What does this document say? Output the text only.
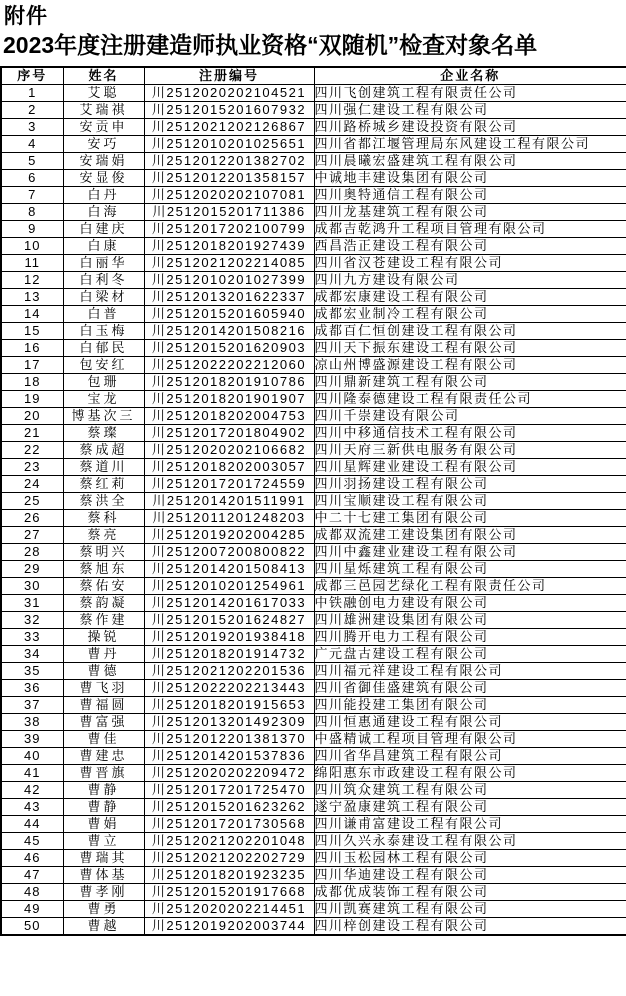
附件
2023年度注册建造师执业资格“双随机”检查对象名单
序号	姓名	注册编号	企业名称
1	艾聪	川2512020202104521	四川飞创建筑工程有限责任公司
2	艾瑞祺	川2512015201607932	四川强仁建设工程有限公司
3	安贡申	川2512021202126867	四川路桥城乡建设投资有限公司
4	安巧	川2512010201025651	四川省都江堰管理局东风建设工程有限公司
5	安瑞娟	川2512012201382702	四川晨曦宏盛建筑工程有限公司
6	安显俊	川2512012201358157	中诚地丰建设集团有限公司
7	白丹	川2512020202107081	四川奥特通信工程有限公司
8	白海	川2512015201711386	四川龙基建筑工程有限公司
9	白建庆	川2512017202100799	成都吉乾鸿升工程项目管理有限公司
10	白康	川2512018201927439	西昌浩正建设工程有限公司
11	白丽华	川2512021202214085	四川省汉苍建设工程有限公司
12	白利冬	川2512010201027399	四川九方建设有限公司
13	白梁材	川2512013201622337	成都宏康建设工程有限公司
14	白普	川2512015201605940	成都宏业制冷工程有限公司
15	白玉梅	川2512014201508216	成都百仁恒创建设工程有限公司
16	白郁民	川2512015201620903	四川天下振东建设工程有限公司
17	包安红	川2512022202212060	凉山州博盛源建设工程有限公司
18	包珊	川2512018201910786	四川鼎新建筑工程有限公司
19	宝龙	川2512018201901907	四川隆泰德建设工程有限责任公司
20	博基次三	川2512018202004753	四川千崇建设有限公司
21	蔡璨	川2512017201804902	四川中移通信技术工程有限公司
22	蔡成超	川2512020202106682	四川天府三新供电服务有限公司
23	蔡道川	川2512018202003057	四川星辉建业建设工程有限公司
24	蔡红莉	川2512017201724559	四川羽扬建设工程有限公司
25	蔡洪全	川2512014201511991	四川宝顺建设工程有限公司
26	蔡科	川2512011201248203	中二十七建工集团有限公司
27	蔡亮	川2512019202004285	成都双流建工建设集团有限公司
28	蔡明兴	川2512007200800822	四川中鑫建业建设工程有限公司
29	蔡旭东	川2512014201508413	四川星烁建筑工程有限公司
30	蔡佑安	川2512010201254961	成都三邑园艺绿化工程有限责任公司
31	蔡韵凝	川2512014201617033	中铁融创电力建设有限公司
32	蔡作建	川2512015201624827	四川雄洲建设集团有限公司
33	操锐	川2512019201938418	四川腾开电力工程有限公司
34	曹丹	川2512018201914732	广元盘古建设工程有限公司
35	曹德	川2512021202201536	四川福元祥建设工程有限公司
36	曹飞羽	川2512022202213443	四川省御佳盛建筑有限公司
37	曹福圆	川2512018201915653	四川能投建工集团有限公司
38	曹富强	川2512013201492309	四川恒惠通建设工程有限公司
39	曹佳	川2512012201381370	中盛精诚工程项目管理有限公司
40	曹建忠	川2512014201537836	四川省华昌建筑工程有限公司
41	曹晋旗	川2512020202209472	绵阳惠东市政建设工程有限公司
42	曹静	川2512017201725470	四川筑众建筑工程有限公司
43	曹静	川2512015201623262	遂宁盈康建筑工程有限公司
44	曹娟	川2512017201730568	四川谦甫富建设工程有限公司
45	曹立	川2512021202201048	四川久兴永泰建设工程有限公司
46	曹瑞其	川2512021202202729	四川玉松园林工程有限公司
47	曹体基	川2512018201923235	四川华迪建设工程有限公司
48	曹孝刚	川2512015201917668	成都优成装饰工程有限公司
49	曹勇	川2512020202214451	四川凯赛建筑工程有限公司
50	曹越	川2512019202003744	四川梓创建设工程有限公司
